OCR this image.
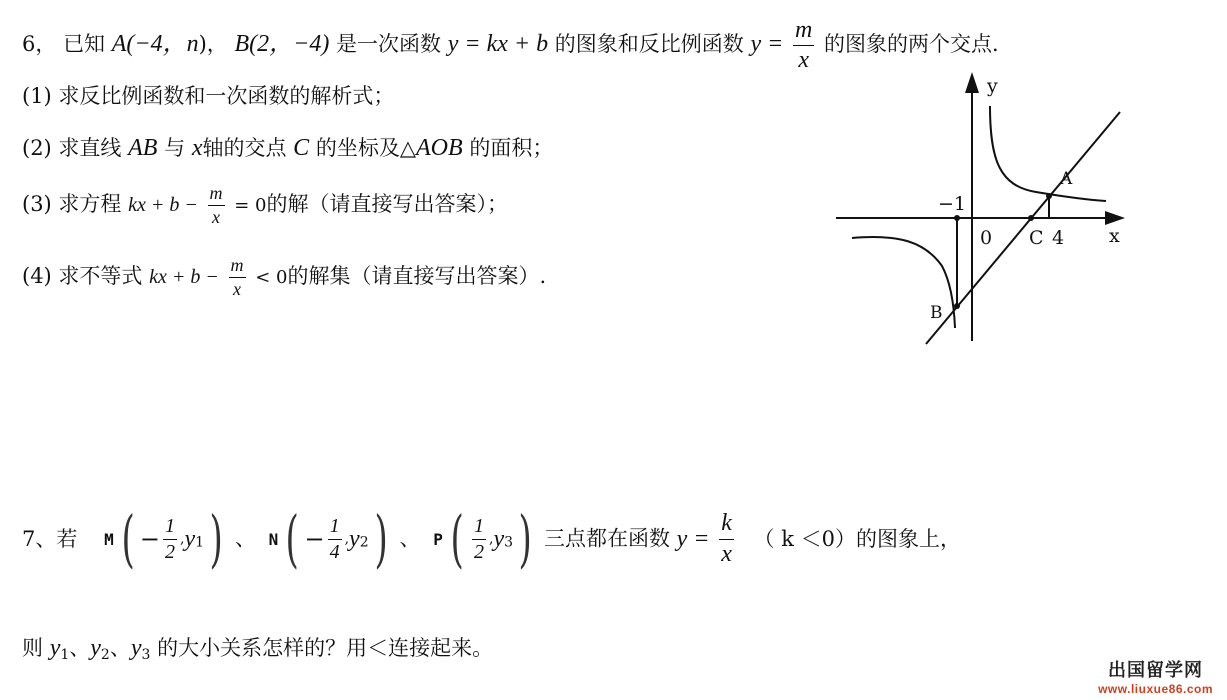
6， 已知 A(−4，n)， B(2，−4) 是一次函数 y = kx + b 的图象和反比例函数 $y = \frac{m}{x}$ 的图象的两个交点．
(1) 求反比例函数和一次函数的解析式；
(2) 求直线 AB 与 x轴的交点 C 的坐标及△AOB 的面积；
(3) 求方程 kx + $b - \frac{m}{x} = 0$的解（请直接写出答案）；
(4) 求不等式 kx + $b - \frac{m}{x} < 0$的解集（请直接写出答案）.
y
x
0
−1
C 4
A
B
7、若 M ( − $\frac{1}{2} ,y1$) 、 N ( − $\frac{1}{4} ,y2$) 、 P ( $\frac{1}{2} ,y3$) 三点都在函数 $y = \frac{k}{x}$ （ k ＜0）的图象上，
则 $y_1$、$y_2$、$y_3$ 的大小关系怎样的？用＜连接起来。
出国留学网
www.liuxue86.com
